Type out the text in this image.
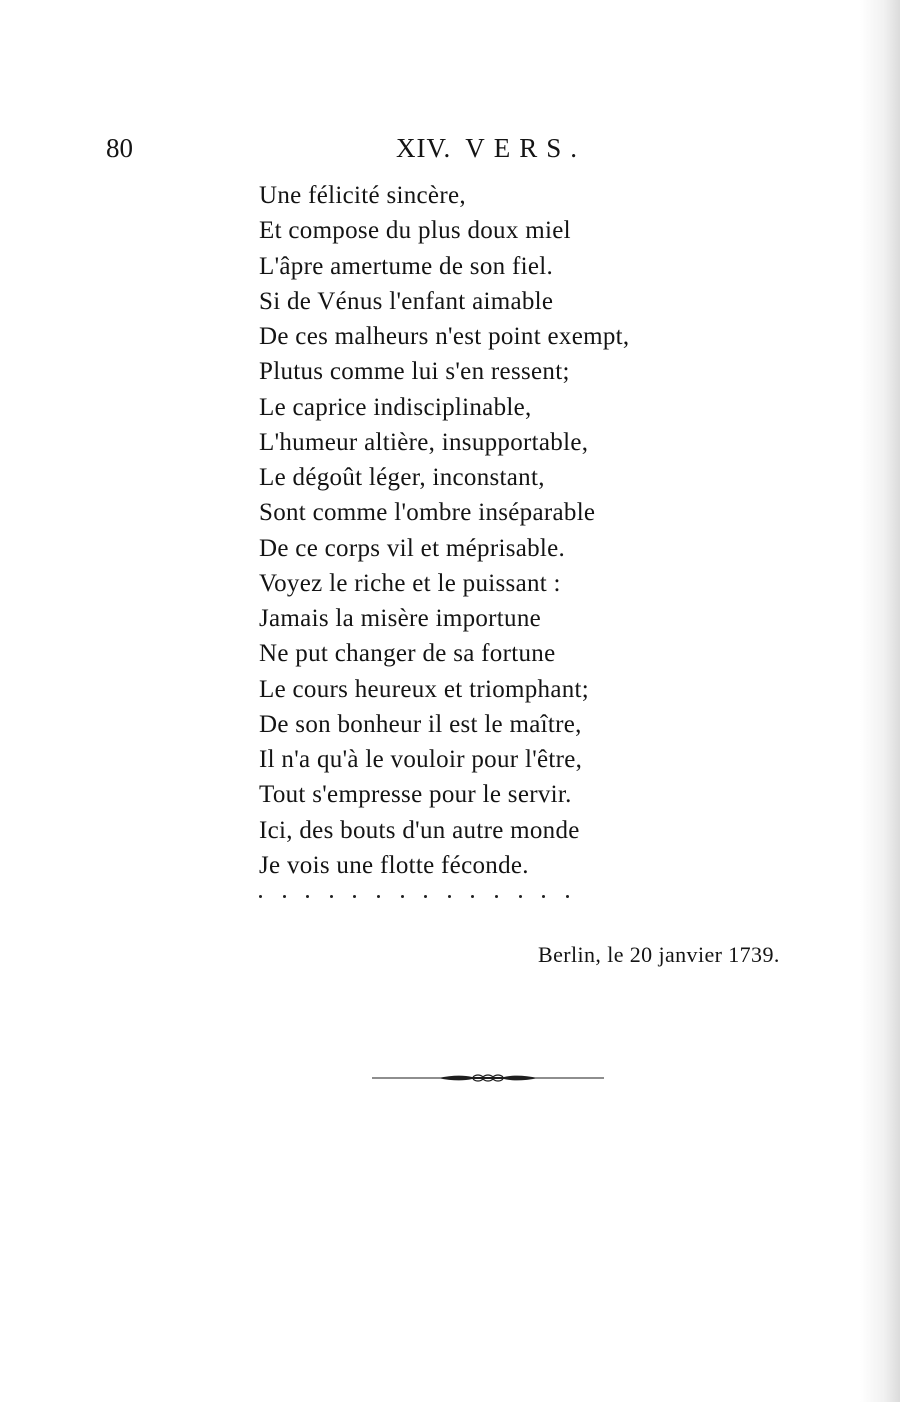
80	XIV. VERS.
Une félicité sincère,
Et compose du plus doux miel
L'âpre amertume de son fiel.
Si de Vénus l'enfant aimable
De ces malheurs n'est point exempt,
Plutus comme lui s'en ressent;
Le caprice indisciplinable,
L'humeur altière, insupportable,
Le dégoût léger, inconstant,
Sont comme l'ombre inséparable
De ce corps vil et méprisable.
Voyez le riche et le puissant :
Jamais la misère importune
Ne put changer de sa fortune
Le cours heureux et triomphant;
De son bonheur il est le maître,
Il n'a qu'à le vouloir pour l'être,
Tout s'empresse pour le servir.
Ici, des bouts d'un autre monde
Je vois une flotte féconde.
Berlin, le 20 janvier 1739.
